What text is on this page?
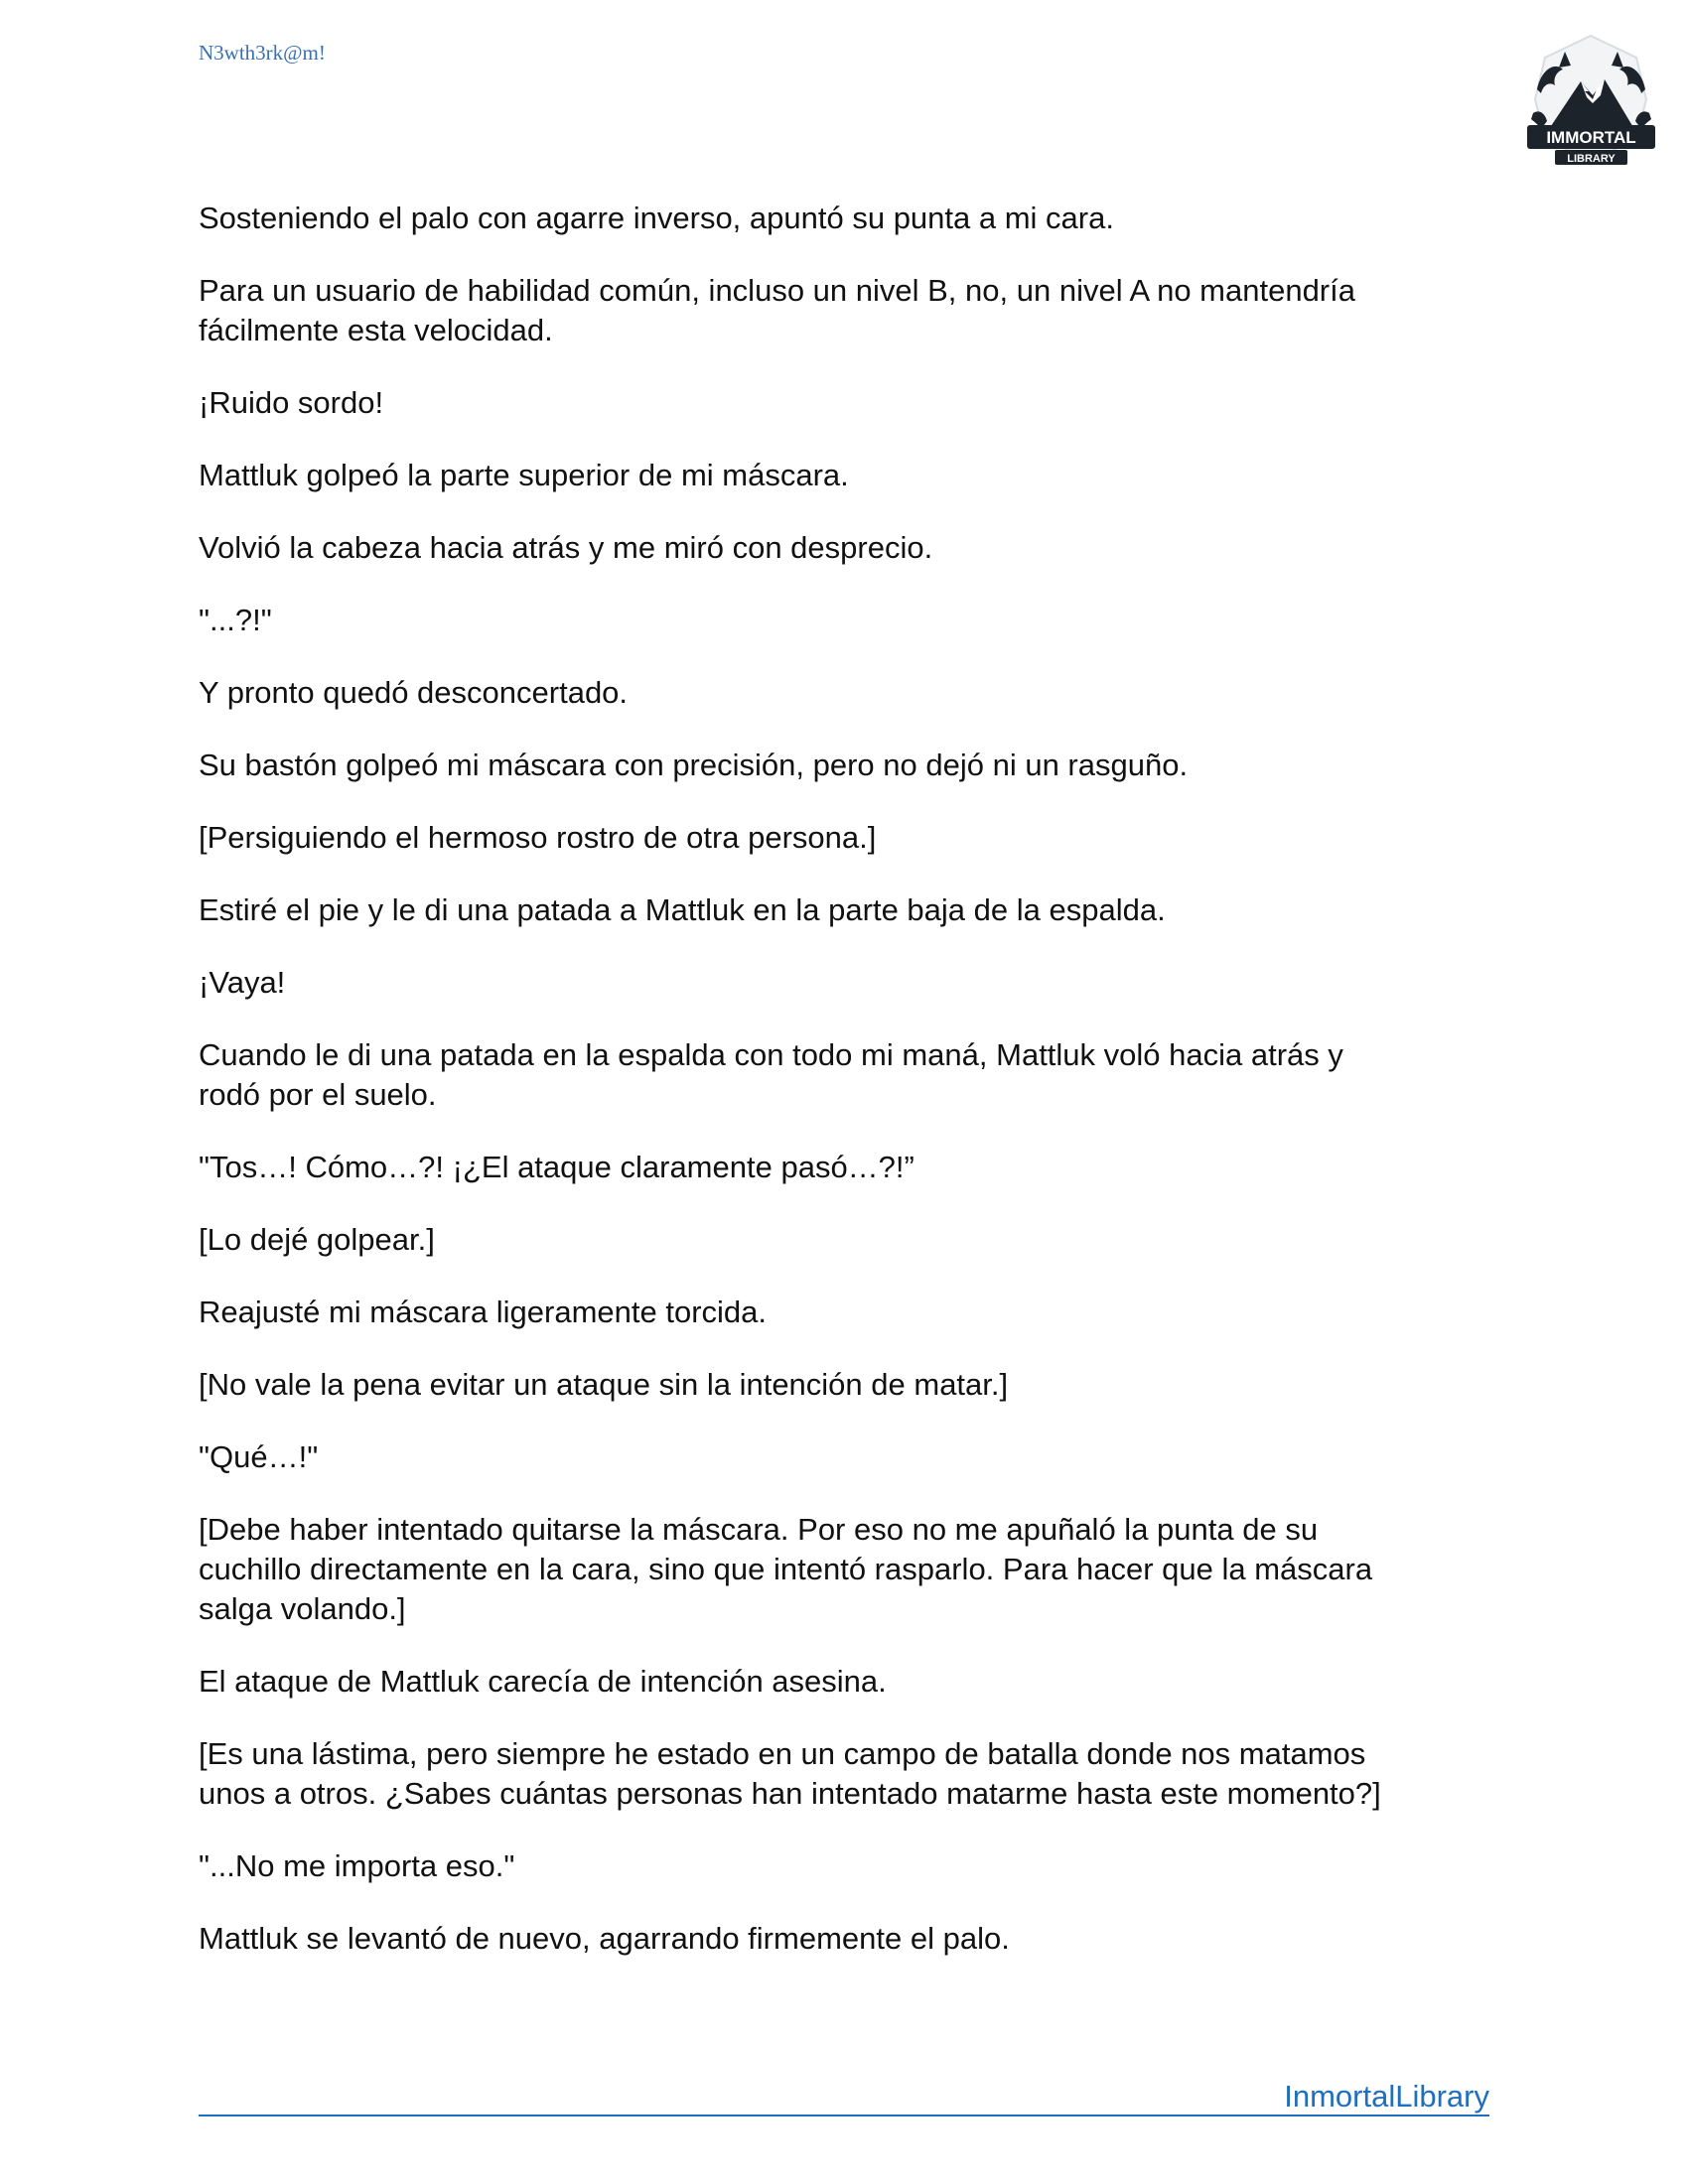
N3wth3rk@m!
IMMORTAL
LIBRARY

Sosteniendo el palo con agarre inverso, apuntó su punta a mi cara.

Para un usuario de habilidad común, incluso un nivel B, no, un nivel A no mantendría
fácilmente esta velocidad.

¡Ruido sordo!

Mattluk golpeó la parte superior de mi máscara.

Volvió la cabeza hacia atrás y me miró con desprecio.

"...?!"

Y pronto quedó desconcertado.

Su bastón golpeó mi máscara con precisión, pero no dejó ni un rasguño.

[Persiguiendo el hermoso rostro de otra persona.]

Estiré el pie y le di una patada a Mattluk en la parte baja de la espalda.

¡Vaya!

Cuando le di una patada en la espalda con todo mi maná, Mattluk voló hacia atrás y
rodó por el suelo.

"Tos…! Cómo…?! ¡¿El ataque claramente pasó…?!”

[Lo dejé golpear.]

Reajusté mi máscara ligeramente torcida.

[No vale la pena evitar un ataque sin la intención de matar.]

"Qué…!"

[Debe haber intentado quitarse la máscara. Por eso no me apuñaló la punta de su
cuchillo directamente en la cara, sino que intentó rasparlo. Para hacer que la máscara
salga volando.]

El ataque de Mattluk carecía de intención asesina.

[Es una lástima, pero siempre he estado en un campo de batalla donde nos matamos
unos a otros. ¿Sabes cuántas personas han intentado matarme hasta este momento?]

"...No me importa eso."

Mattluk se levantó de nuevo, agarrando firmemente el palo.

InmortalLibrary
